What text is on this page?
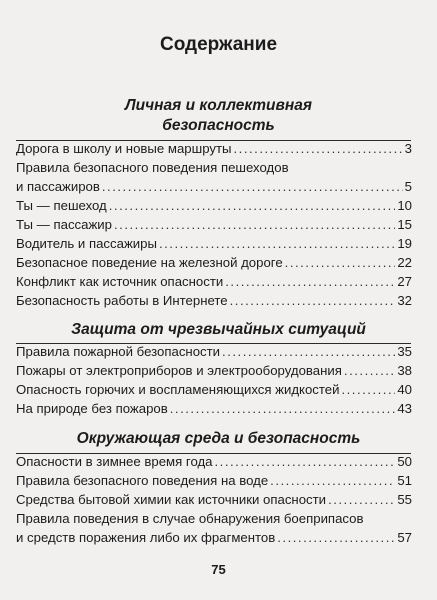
Содержание
Личная и коллективная
безопасность
Дорога в школу и новые маршруты .....	3
Правила безопасного поведения пешеходов
и пассажиров .....	5
Ты — пешеход .....	10
Ты — пассажир .....	15
Водитель и пассажиры .....	19
Безопасное поведение на железной дороге .....	22
Конфликт как источник опасности .....	27
Безопасность работы в Интернете .....	32
Защита от чрезвычайных ситуаций
Правила пожарной безопасности .....	35
Пожары от электроприборов и электрооборудования .....	38
Опасность горючих и воспламеняющихся жидкостей .....	40
На природе без пожаров .....	43
Окружающая среда и безопасность
Опасности в зимнее время года .....	50
Правила безопасного поведения на воде .....	51
Средства бытовой химии как источники опасности .....	55
Правила поведения в случае обнаружения боеприпасов
и средств поражения либо их фрагментов .....	57
75
